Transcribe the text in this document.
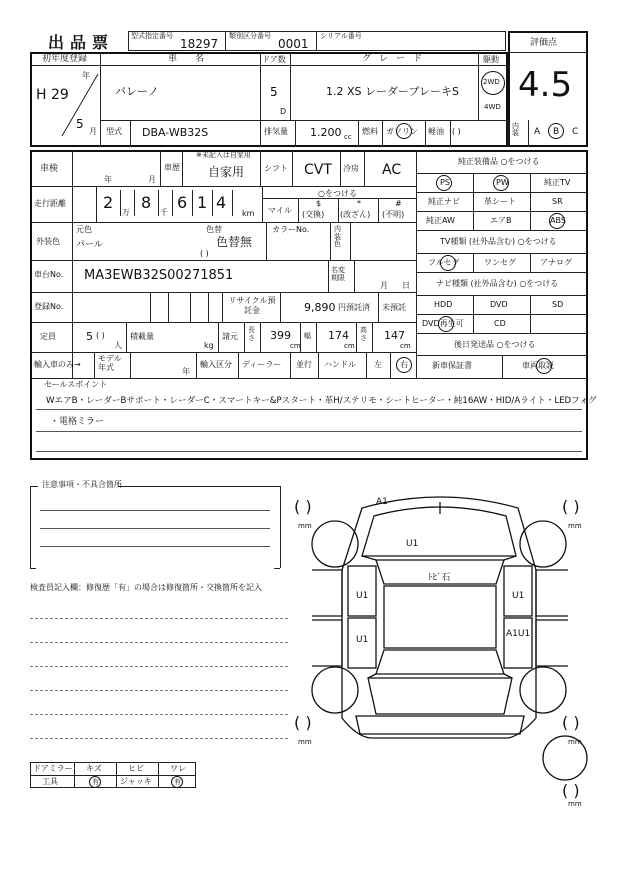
出品票 型式指定番号
18297
類別区分番号
0001
シリアル番号
評価点
4.5
初年度登録
年
H 29
5
月
車名
バレーノ
ドア数
5
D
グレード
1.2 XS レーダーブレーキS
駆動
2WD
4WD
型式 DBA-WB32S	排気量 1.200 cc
燃料 ガソリン 軽油 ( )
内装	A B C
車検
年	月
車歴
※未記入は自家用
自家用 シフト CVT 冷房 AC
走行距離 2
万
8
千
6 1 4
km
○をつける
マイル
$
(交換)
*
(改ざん)
#
(不明)
外装色
元色
パール
色替
色替無
( )
カラーNo.	内装色
車台No. MA3EWB32S00271851	名変期限
月 日
登録No.
リサイクル預託金	9,890 円預託済 未預託
定員	5 ( )
人
積載量
kg
諸元
長さ 399
cm
幅 174
cm
高さ 147
cm
輸入車のみ→
モデル年式	年
輸入区分 ディーラー 並行 ハンドル 左 右
純正装備品 ○をつける
PS	PW	純正TV
純正ナビ	革シート	SR
純正AW	エアB	ABS
TV種類 (社外品含む) ○をつける
フルセグ	ワンセグ	アナログ
ナビ種類 (社外品含む) ○をつける
HDD	DVD	SD
DVD再生可	CD
後日発送品 ○をつける
新車保証書	車両取説
セールスポイント
WエアB・レーダーBサポート・レーダーC・スマートキー&Pスタート・革H/ステリモ・シートヒーター・純16AW・HID/Aライト・LEDフォグ
・電格ミラー
注意事項・不具合箇所
検査員記入欄：修復歴「有」の場合は修復箇所・交換箇所を記入
ドアミラー キズ	ヒビ	ワレ
工具	有	ジャッキ	有
A1
U1
ﾄﾋﾞ石
U1	U1
U1
A1U1
( )	( )
( )	( )
( )
mm	mm
mm	mm
mm
